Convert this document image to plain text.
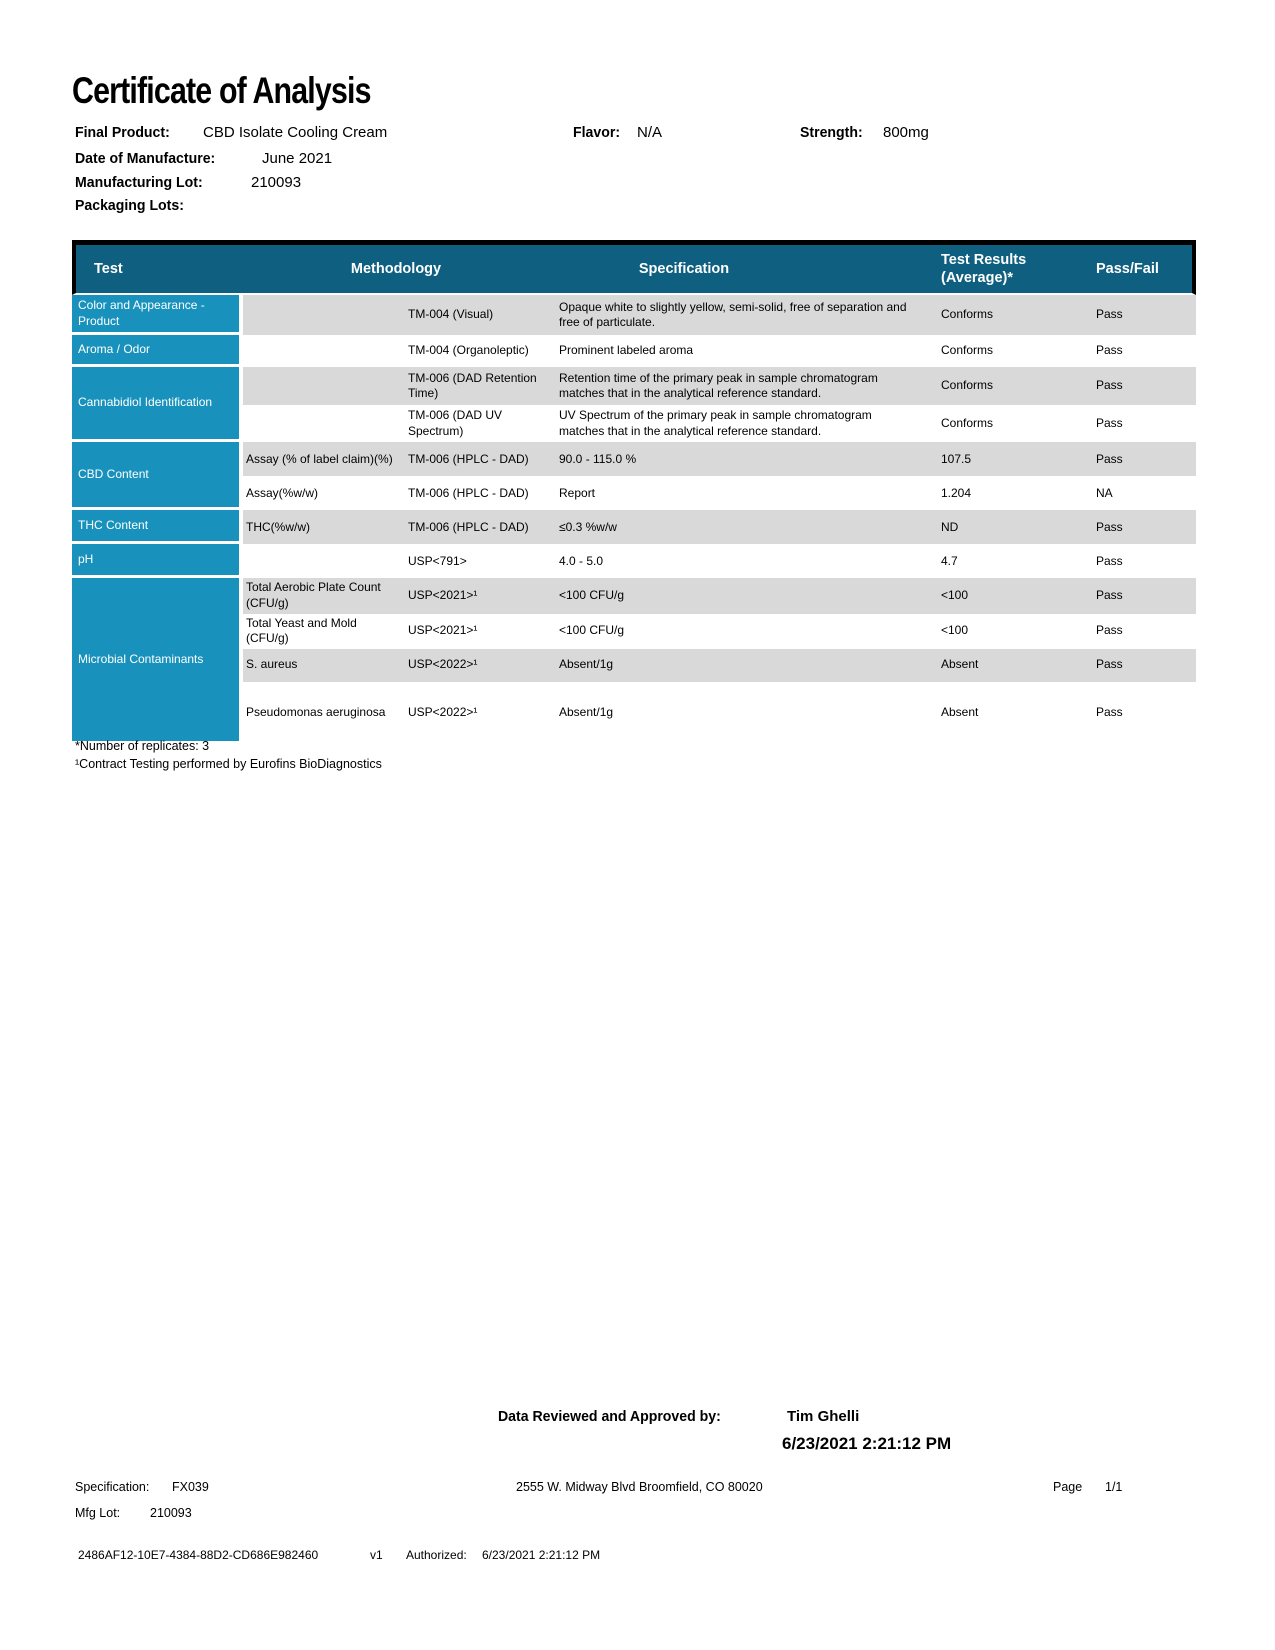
Certificate of Analysis
Final Product: CBD Isolate Cooling Cream	Flavor: N/A	Strength: 800mg
Date of Manufacture:	June 2021
Manufacturing Lot:	210093
Packaging Lots:
Test	Methodology		Specification	Test Results (Average)*	Pass/Fail
Color and Appearance - Product		TM-004 (Visual)	Opaque white to slightly yellow, semi-solid, free of separation and free of particulate.	Conforms	Pass
Aroma / Odor		TM-004 (Organoleptic)	Prominent labeled aroma	Conforms	Pass
Cannabidiol Identification		TM-006 (DAD Retention Time)	Retention time of the primary peak in sample chromatogram matches that in the analytical reference standard.	Conforms	Pass
		TM-006 (DAD UV Spectrum)	UV Spectrum of the primary peak in sample chromatogram matches that in the analytical reference standard.	Conforms	Pass
CBD Content	Assay (% of label claim)(%)	TM-006 (HPLC - DAD)	90.0 - 115.0 %	107.5	Pass
	Assay(%w/w)	TM-006 (HPLC - DAD)	Report	1.204	NA
THC Content	THC(%w/w)	TM-006 (HPLC - DAD)	≤0.3 %w/w	ND	Pass
pH		USP<791>	4.0 - 5.0	4.7	Pass
Microbial Contaminants	Total Aerobic Plate Count (CFU/g)	USP<2021>¹	<100 CFU/g	<100	Pass
	Total Yeast and Mold (CFU/g)	USP<2021>¹	<100 CFU/g	<100	Pass
	S. aureus	USP<2022>¹	Absent/1g	Absent	Pass
	Pseudomonas aeruginosa	USP<2022>¹	Absent/1g	Absent	Pass
*Number of replicates: 3
¹Contract Testing performed by Eurofins BioDiagnostics
Data Reviewed and Approved by:	Tim Ghelli
6/23/2021 2:21:12 PM
Specification: FX039	2555 W. Midway Blvd Broomfield, CO 80020	Page 1/1
Mfg Lot: 210093
2486AF12-10E7-4384-88D2-CD686E982460	v1 Authorized: 6/23/2021 2:21:12 PM
